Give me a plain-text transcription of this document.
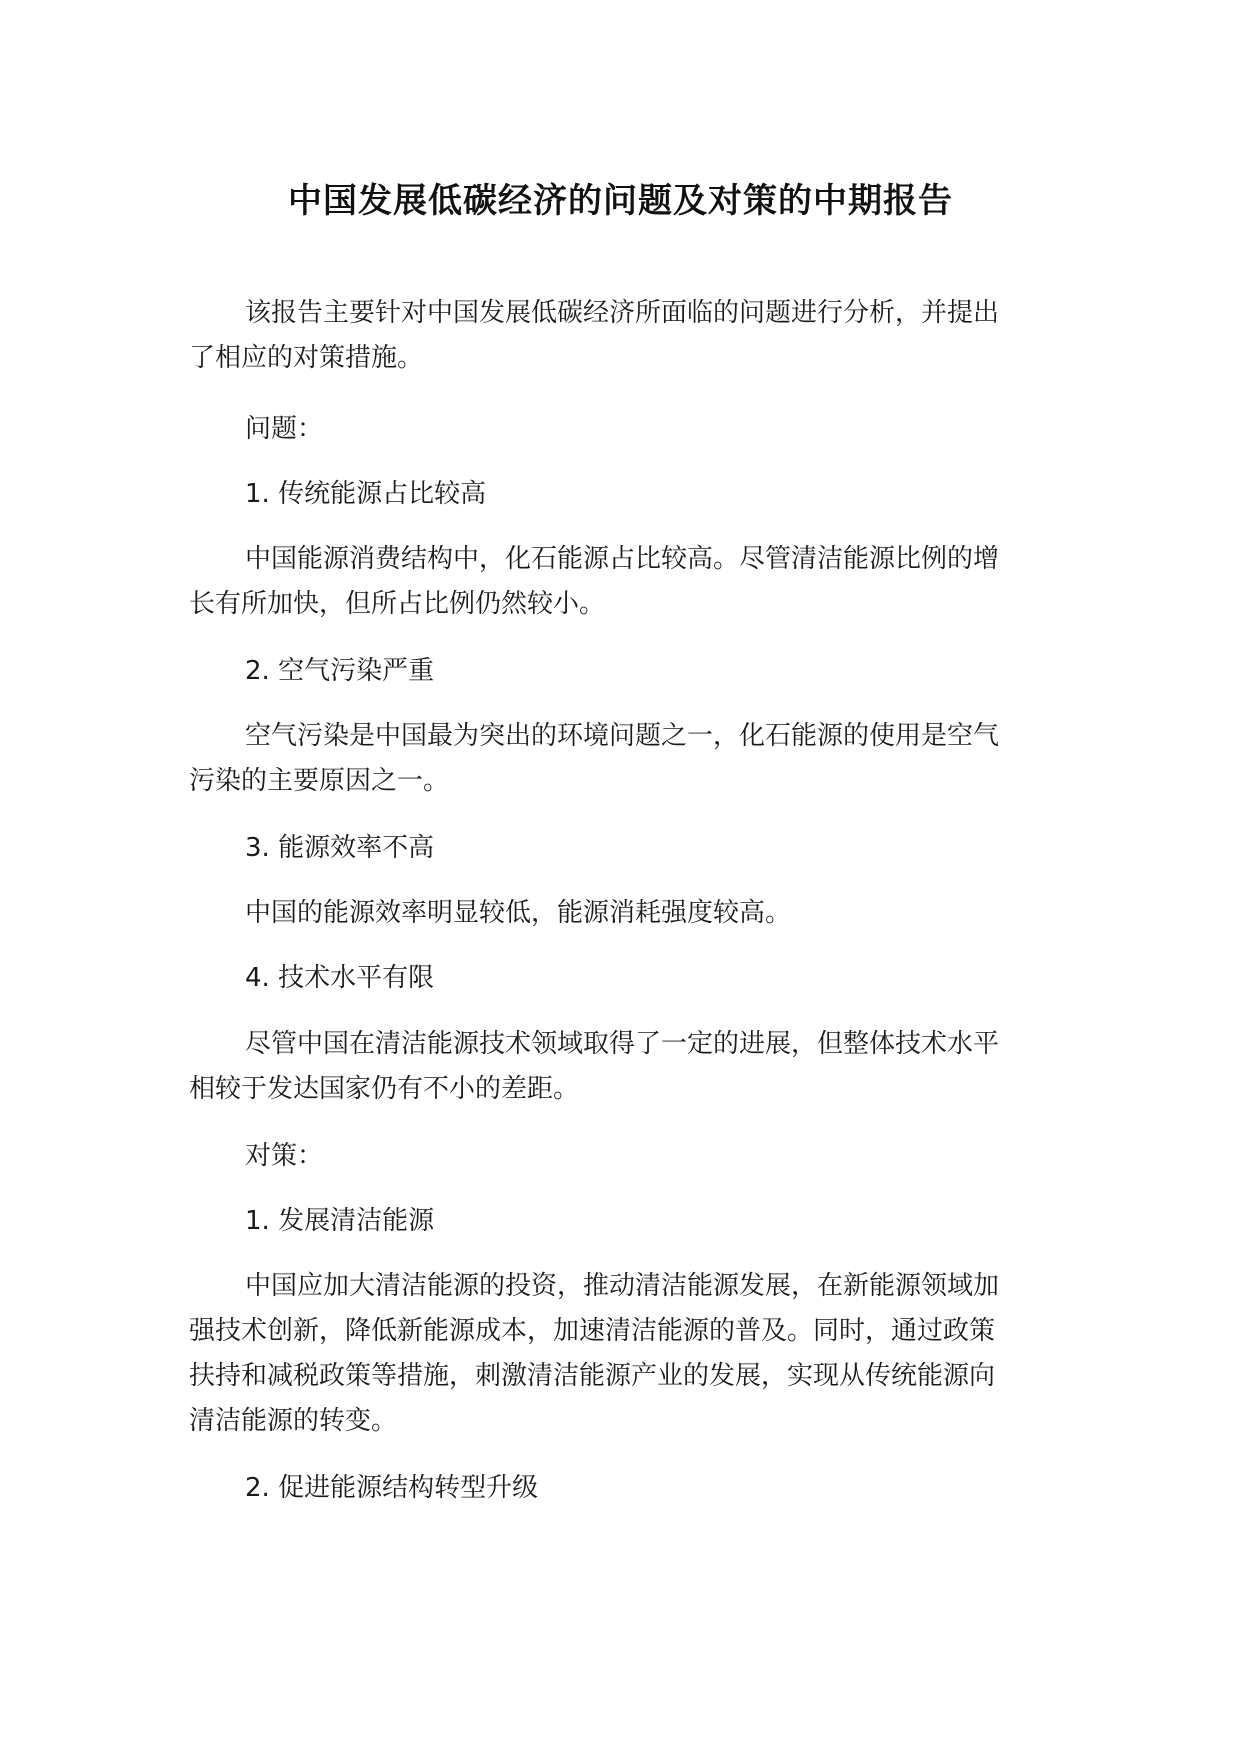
中国发展低碳经济的问题及对策的中期报告

该报告主要针对中国发展低碳经济所面临的问题进行分析，并提出

了相应的对策措施。

问题：

1. 传统能源占比较高

中国能源消费结构中，化石能源占比较高。尽管清洁能源比例的增

长有所加快，但所占比例仍然较小。

2. 空气污染严重

空气污染是中国最为突出的环境问题之一，化石能源的使用是空气

污染的主要原因之一。

3. 能源效率不高

中国的能源效率明显较低，能源消耗强度较高。

4. 技术水平有限

尽管中国在清洁能源技术领域取得了一定的进展，但整体技术水平

相较于发达国家仍有不小的差距。

对策：

1. 发展清洁能源

中国应加大清洁能源的投资，推动清洁能源发展，在新能源领域加

强技术创新，降低新能源成本，加速清洁能源的普及。同时，通过政策

扶持和减税政策等措施，刺激清洁能源产业的发展，实现从传统能源向

清洁能源的转变。

2. 促进能源结构转型升级
